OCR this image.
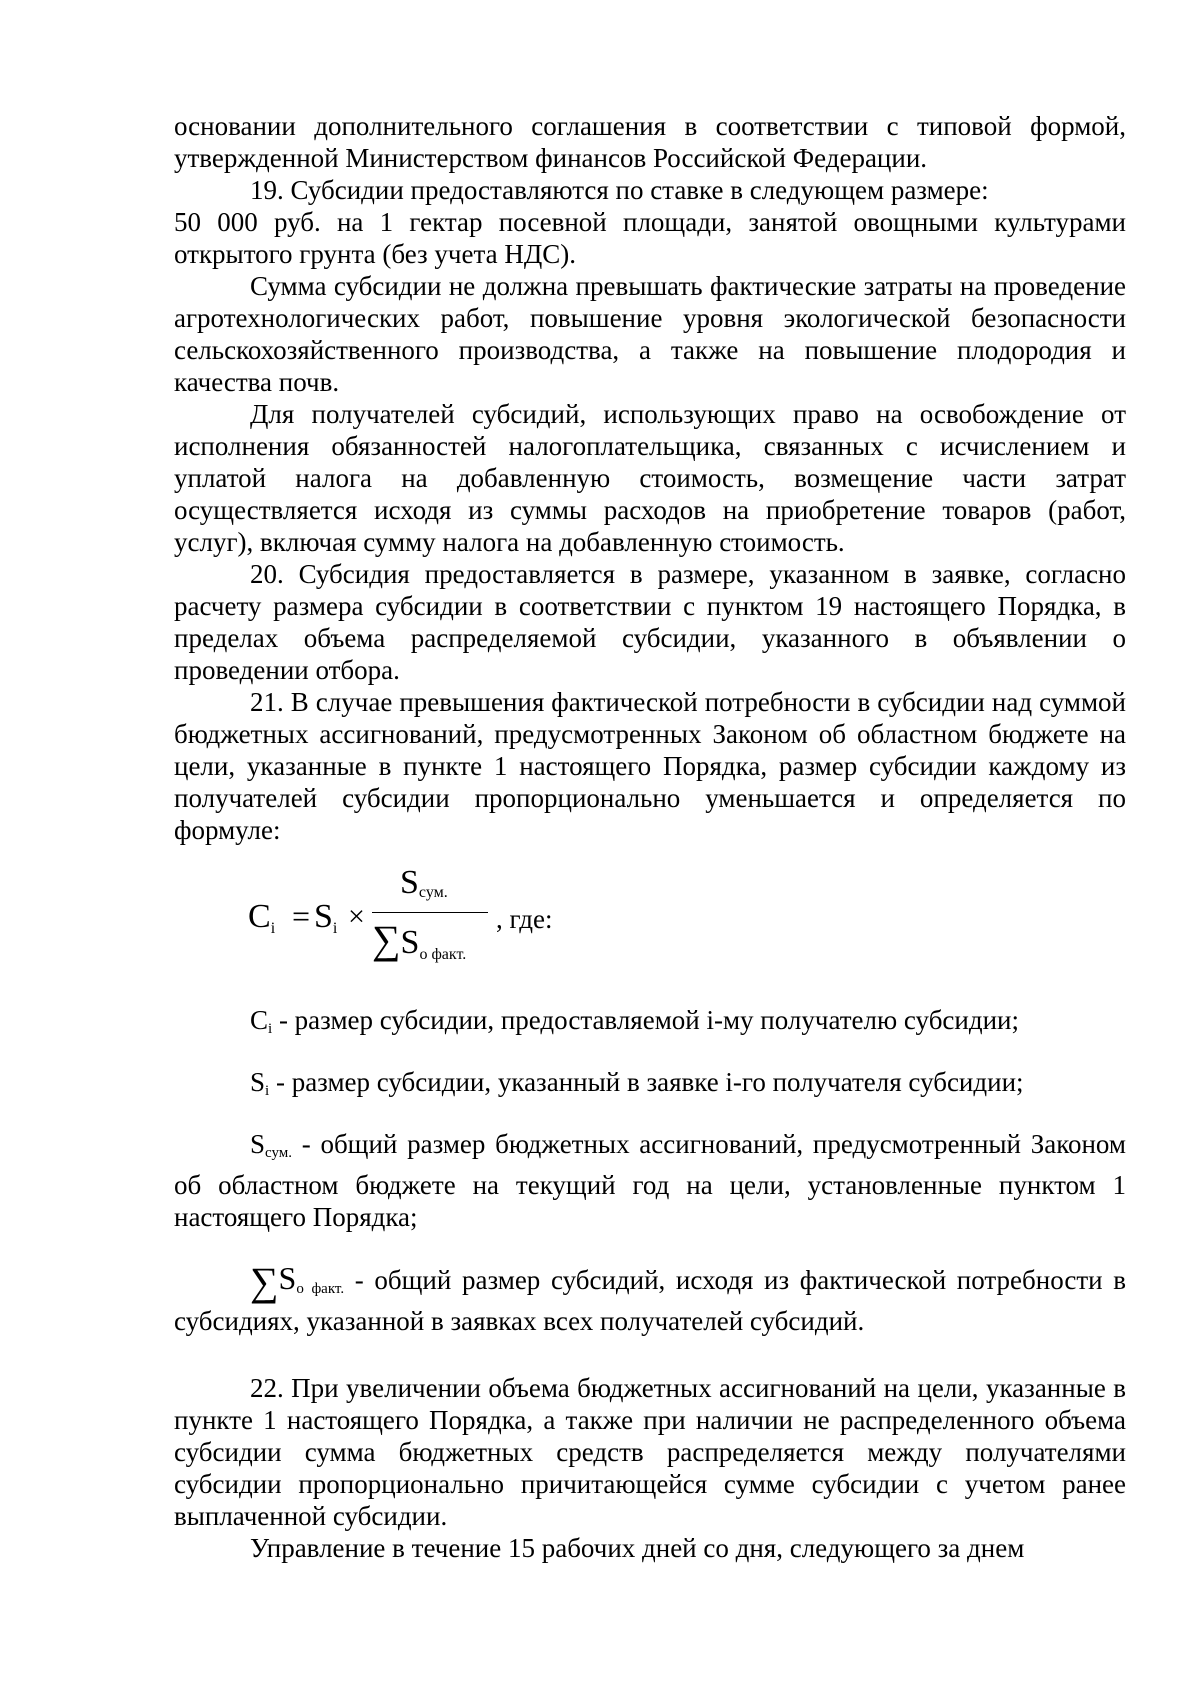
основании дополнительного соглашения в соответствии с типовой формой, утвержденной Министерством финансов Российской Федерации.

19. Субсидии предоставляются по ставке в следующем размере:

50 000 руб. на 1 гектар посевной площади, занятой овощными культурами открытого грунта (без учета НДС).

Сумма субсидии не должна превышать фактические затраты на проведение агротехнологических работ, повышение уровня экологической безопасности сельскохозяйственного производства, а также на повышение плодородия и качества почв.

Для получателей субсидий, использующих право на освобождение от исполнения обязанностей налогоплательщика, связанных с исчислением и уплатой налога на добавленную стоимость, возмещение части затрат осуществляется исходя из суммы расходов на приобретение товаров (работ, услуг), включая сумму налога на добавленную стоимость.

20. Субсидия предоставляется в размере, указанном в заявке, согласно расчету размера субсидии в соответствии с пунктом 19 настоящего Порядка, в пределах объема распределяемой субсидии, указанного в объявлении о проведении отбора.

21. В случае превышения фактической потребности в субсидии над суммой бюджетных ассигнований, предусмотренных Законом об областном бюджете на цели, указанные в пункте 1 настоящего Порядка, размер субсидии каждому из получателей субсидии пропорционально уменьшается и определяется по формуле:

$C_i = S_i$ ×
$S_{сум.}$
$\sum S_{о факт.}$
, где:

$C_i$ - размер субсидии, предоставляемой i-му получателю субсидии;

$S_i$ - размер субсидии, указанный в заявке i-го получателя субсидии;

$S_{сум.}$ - общий размер бюджетных ассигнований, предусмотренный Законом об областном бюджете на текущий год на цели, установленные пунктом 1 настоящего Порядка;

$\sum S_{о факт.}$ - общий размер субсидий, исходя из фактической потребности в субсидиях, указанной в заявках всех получателей субсидий.

22. При увеличении объема бюджетных ассигнований на цели, указанные в пункте 1 настоящего Порядка, а также при наличии не распределенного объема субсидии сумма бюджетных средств распределяется между получателями субсидии пропорционально причитающейся сумме субсидии с учетом ранее выплаченной субсидии.

Управление в течение 15 рабочих дней со дня, следующего за днем
